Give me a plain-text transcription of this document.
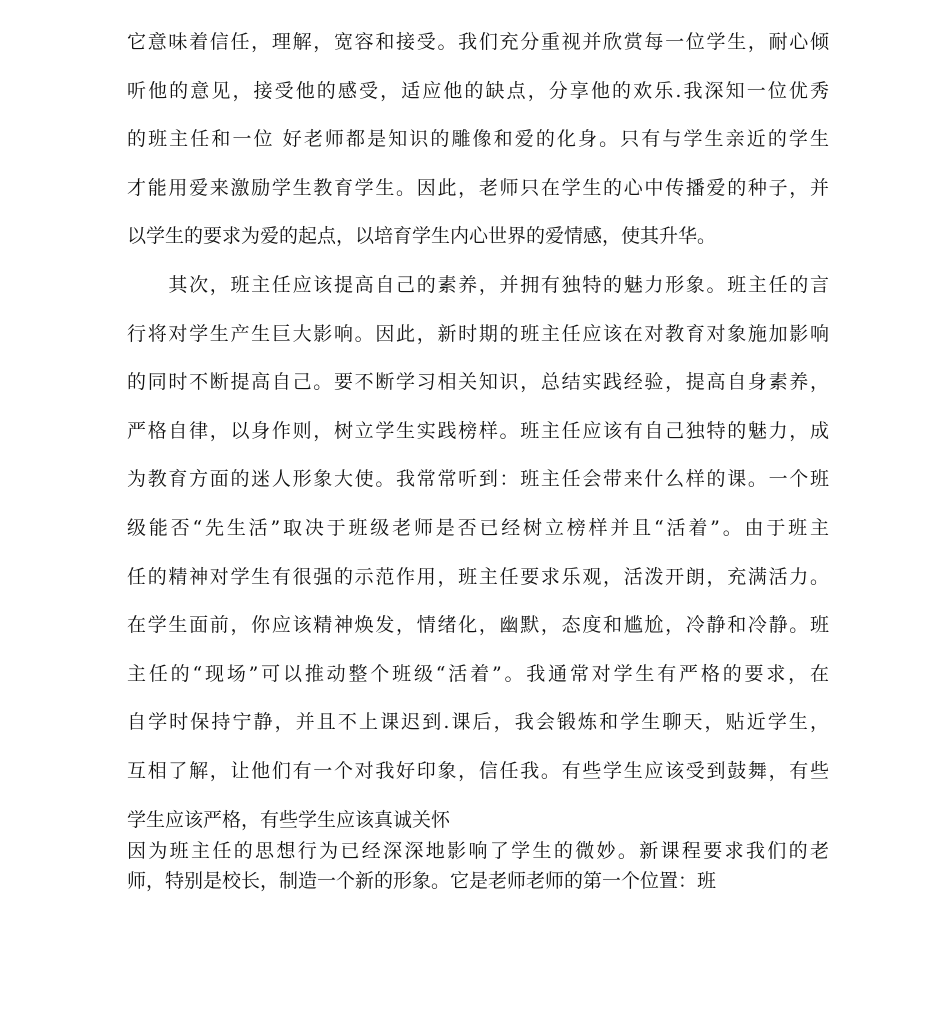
它意味着信任，理解，宽容和接受。我们充分重视并欣赏每一位学生，耐心倾
听他的意见，接受他的感受，适应他的缺点，分享他的欢乐.我深知一位优秀
的班主任和一位 好老师都是知识的雕像和爱的化身。只有与学生亲近的学生
才能用爱来激励学生教育学生。因此，老师只在学生的心中传播爱的种子，并
以学生的要求为爱的起点，以培育学生内心世界的爱情感，使其升华。
　　其次，班主任应该提高自己的素养，并拥有独特的魅力形象。班主任的言
行将对学生产生巨大影响。因此，新时期的班主任应该在对教育对象施加影响
的同时不断提高自己。要不断学习相关知识，总结实践经验，提高自身素养，
严格自律，以身作则，树立学生实践榜样。班主任应该有自己独特的魅力，成
为教育方面的迷人形象大使。我常常听到：班主任会带来什么样的课。一个班
级能否“先生活”取决于班级老师是否已经树立榜样并且“活着”。由于班主
任的精神对学生有很强的示范作用，班主任要求乐观，活泼开朗，充满活力。
在学生面前，你应该精神焕发，情绪化，幽默，态度和尴尬，冷静和冷静。班
主任的“现场”可以推动整个班级“活着”。我通常对学生有严格的要求，在
自学时保持宁静，并且不上课迟到.课后，我会锻炼和学生聊天，贴近学生，
互相了解，让他们有一个对我好印象，信任我。有些学生应该受到鼓舞，有些
学生应该严格，有些学生应该真诚关怀
因为班主任的思想行为已经深深地影响了学生的微妙。新课程要求我们的老
师，特别是校长，制造一个新的形象。它是老师老师的第一个位置：班
